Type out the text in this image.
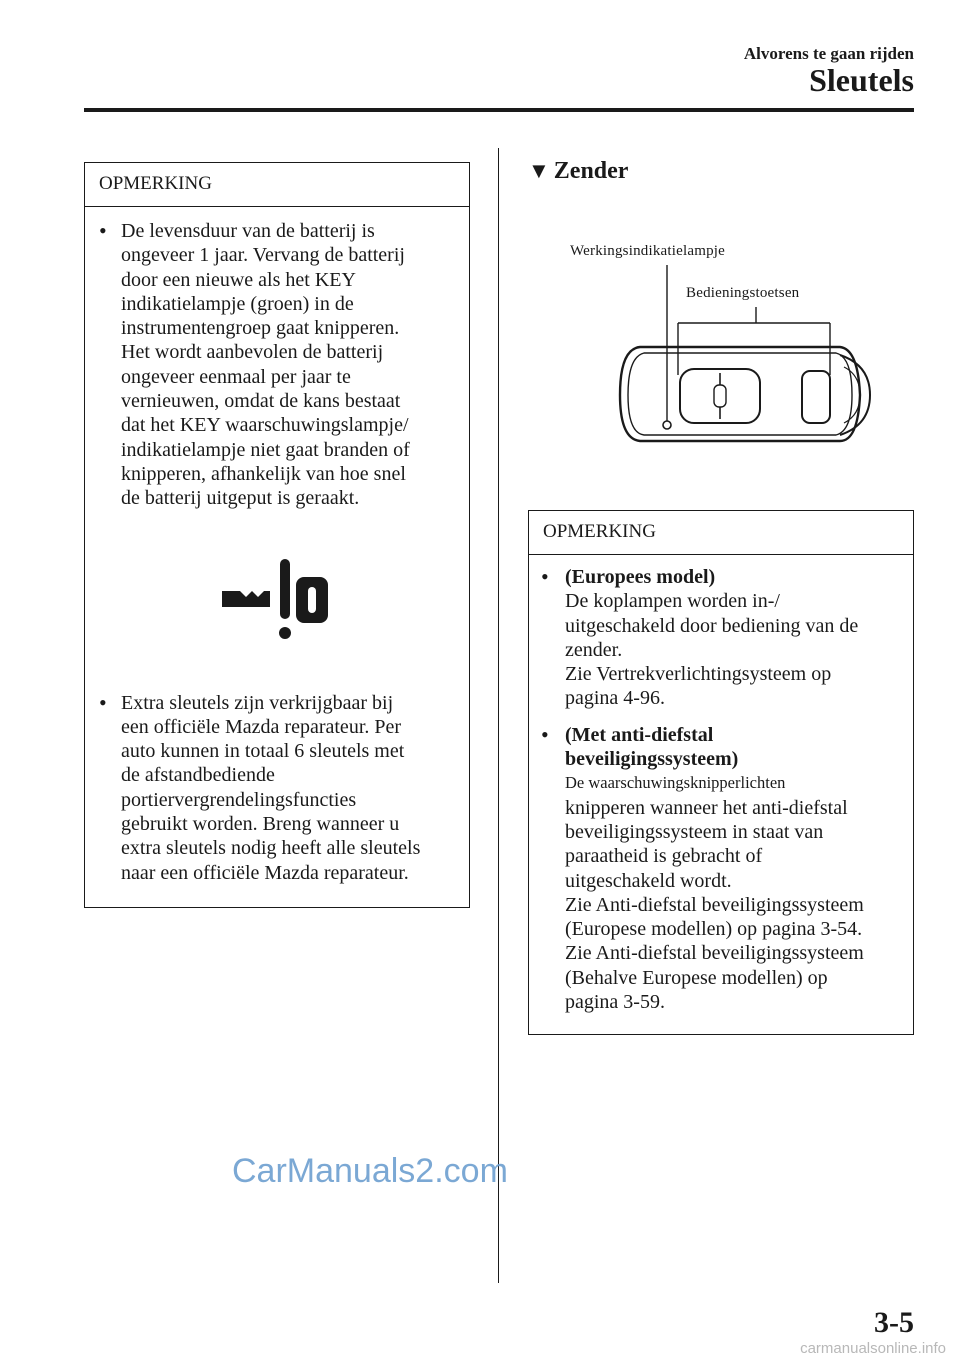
Alvorens te gaan rijden
Sleutels
OPMERKING
• De levensduur van de batterij is
ongeveer 1 jaar. Vervang de batterij
door een nieuwe als het KEY
indikatielampje (groen) in de
instrumentengroep gaat knipperen.
Het wordt aanbevolen de batterij
ongeveer eenmaal per jaar te
vernieuwen, omdat de kans bestaat
dat het KEY waarschuwingslampje/
indikatielampje niet gaat branden of
knipperen, afhankelijk van hoe snel
de batterij uitgeput is geraakt.
• Extra sleutels zijn verkrijgbaar bij
een officiële Mazda reparateur. Per
auto kunnen in totaal 6 sleutels met
de afstandbediende
portiervergrendelingsfuncties
gebruikt worden. Breng wanneer u
extra sleutels nodig heeft alle sleutels
naar een officiële Mazda reparateur.
▼ Zender
Werkingsindikatielampje
Bedieningstoetsen
OPMERKING
• (Europees model)
De koplampen worden in-/
uitgeschakeld door bediening van de
zender.
Zie Vertrekverlichtingsysteem op
pagina 4-96.
• (Met anti-diefstal
beveiligingssysteem)
De waarschuwingsknipperlichten
knipperen wanneer het anti-diefstal
beveiligingssysteem in staat van
paraatheid is gebracht of
uitgeschakeld wordt.
Zie Anti-diefstal beveiligingssysteem
(Europese modellen) op pagina 3-54.
Zie Anti-diefstal beveiligingssysteem
(Behalve Europese modellen) op
pagina 3-59.
CarManuals2.com
3-5
carmanualsonline.info
